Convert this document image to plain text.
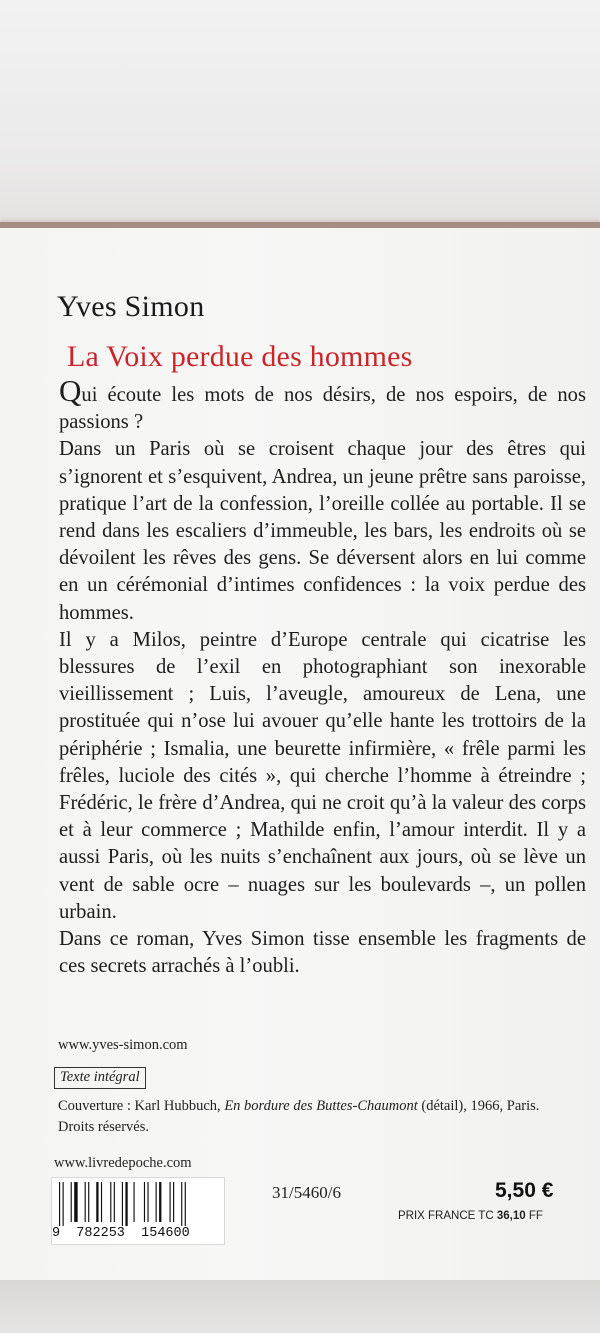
Yves Simon
La Voix perdue des hommes

Qui écoute les mots de nos désirs, de nos espoirs, de nos passions ?

Dans un Paris où se croisent chaque jour des êtres qui s’ignorent et s’esquivent, Andrea, un jeune prêtre sans paroisse, pratique l’art de la confession, l’oreille collée au portable. Il se rend dans les escaliers d’immeuble, les bars, les endroits où se dévoilent les rêves des gens. Se déversent alors en lui comme en un cérémonial d’intimes confidences : la voix perdue des hommes.

Il y a Milos, peintre d’Europe centrale qui cicatrise les blessures de l’exil en photographiant son inexorable vieillissement ; Luis, l’aveugle, amoureux de Lena, une prostituée qui n’ose lui avouer qu’elle hante les trottoirs de la périphérie ; Ismalia, une beurette infirmière, « frêle parmi les frêles, luciole des cités », qui cherche l’homme à étreindre ; Frédéric, le frère d’Andrea, qui ne croit qu’à la valeur des corps et à leur commerce ; Mathilde enfin, l’amour interdit. Il y a aussi Paris, où les nuits s’enchaînent aux jours, où se lève un vent de sable ocre – nuages sur les boulevards –, un pollen urbain.

Dans ce roman, Yves Simon tisse ensemble les fragments de ces secrets arrachés à l’oubli.

www.yves-simon.com
Texte intégral

Couverture : Karl Hubbuch, En bordure des Buttes-Chaumont (détail), 1966, Paris. Droits réservés.

www.livredepoche.com
9  782253  154600
31/5460/6	5,50 €
PRIX FRANCE TC 36,10 FF
